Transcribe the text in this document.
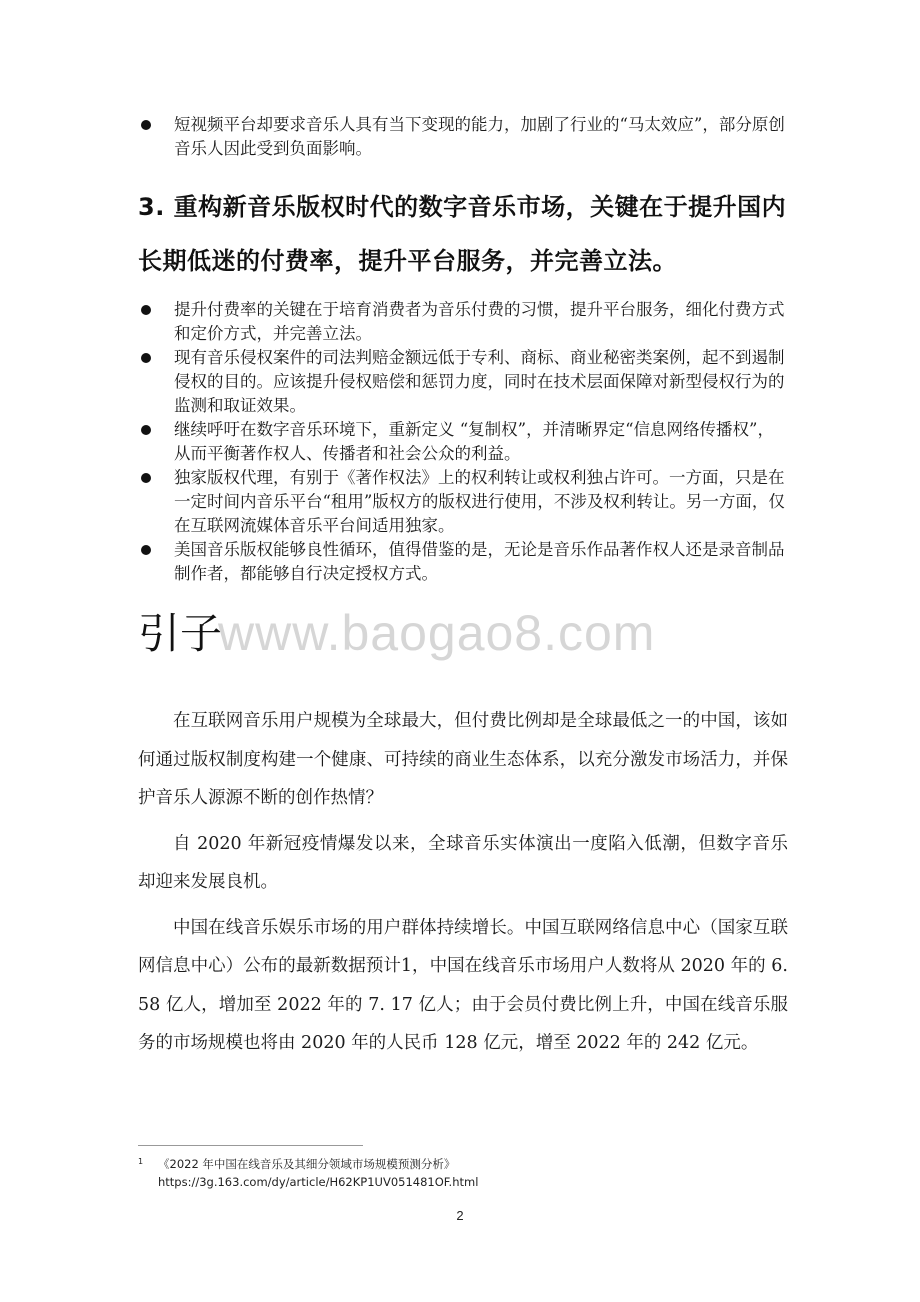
短视频平台却要求音乐人具有当下变现的能力，加剧了行业的“马太效应”，部分原创音乐人因此受到负面影响。
3. 重构新音乐版权时代的数字音乐市场，关键在于提升国内长期低迷的付费率，提升平台服务，并完善立法。
提升付费率的关键在于培育消费者为音乐付费的习惯，提升平台服务，细化付费方式和定价方式，并完善立法。
现有音乐侵权案件的司法判赔金额远低于专利、商标、商业秘密类案例，起不到遏制侵权的目的。应该提升侵权赔偿和惩罚力度，同时在技术层面保障对新型侵权行为的监测和取证效果。
继续呼吁在数字音乐环境下，重新定义 “复制权”，并清晰界定“信息网络传播权”，从而平衡著作权人、传播者和社会公众的利益。
独家版权代理，有别于《著作权法》上的权利转让或权利独占许可。一方面，只是在一定时间内音乐平台“租用”版权方的版权进行使用，不涉及权利转让。另一方面，仅在互联网流媒体音乐平台间适用独家。
美国音乐版权能够良性循环，值得借鉴的是，无论是音乐作品著作权人还是录音制品制作者，都能够自行决定授权方式。
引子
www.baogao8.com

在互联网音乐用户规模为全球最大，但付费比例却是全球最低之一的中国，该如何通过版权制度构建一个健康、可持续的商业生态体系，以充分激发市场活力，并保护音乐人源源不断的创作热情？

自 2020 年新冠疫情爆发以来，全球音乐实体演出一度陷入低潮，但数字音乐却迎来发展良机。

中国在线音乐娱乐市场的用户群体持续增长。中国互联网络信息中心（国家互联网信息中心）公布的最新数据预计1，中国在线音乐市场用户人数将从 2020 年的 6. 58 亿人，增加至 2022 年的 7. 17 亿人；由于会员付费比例上升，中国在线音乐服务的市场规模也将由 2020 年的人民币 128 亿元，增至 2022 年的 242 亿元。

1	《2022 年中国在线音乐及其细分领域市场规模预测分析》
https://3g.163.com/dy/article/H62KP1UV051481OF.html
2
